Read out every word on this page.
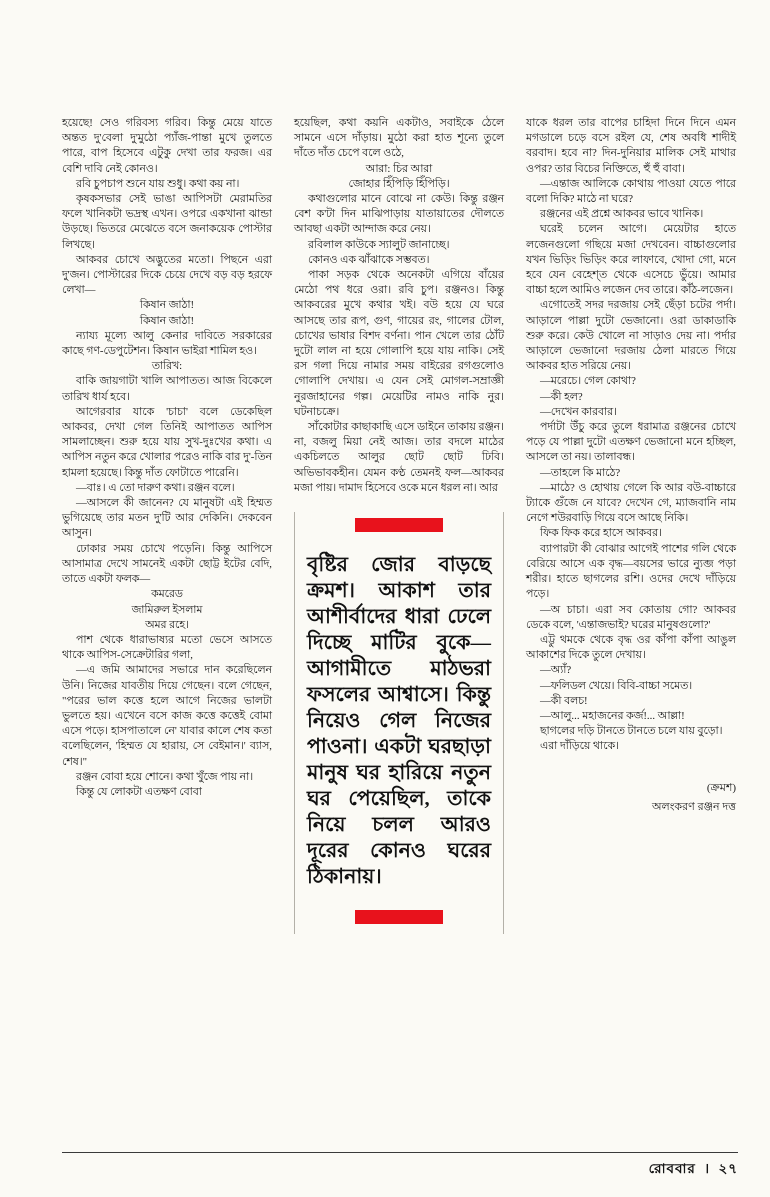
হয়েছে! সেও গরিবস্য গরিব। কিন্তু মেয়ে যাতে অন্তত দু'বেলা দু'মুঠো প্যাঁজ-পান্তা মুখে তুলতে পারে, বাপ হিসেবে এটুকু দেখা তার ফরজ। এর বেশি দাবি নেই কোনও।

রবি চুপচাপ শুনে যায় শুধু। কথা কয় না।

কৃষকসভার সেই ভাঙা আপিসটা মেরামতির ফলে খানিকটা ভদ্রস্থ এখন। ওপরে একখানা ঝান্ডা উড়ছে। ভিতরে মেঝেতে বসে জনাকয়েক পোস্টার লিখছে।

আকবর চোখে অদ্ভুতের মতো। পিছনে এরা দু'জন। পোস্টারের দিকে চেয়ে দেখে বড় বড় হরফে লেখা—

কিষান জাঠা!

কিষান জাঠা!

ন্যায্য মূল্যে আলু কেনার দাবিতে সরকারের কাছে গণ-ডেপুটেশন। কিষান ভাইরা শামিল হও।

তারিখ:

বাকি জায়গাটা খালি আপাতত। আজ বিকেলে তারিখ ধার্য হবে।

আগেরবার যাকে 'চাচা' বলে ডেকেছিল আকবর, দেখা গেল তিনিই আপাতত আপিস সামলাচ্ছেন। শুরু হয়ে যায় সুখ-দুঃখের কথা। এ আপিস নতুন করে খোলার পরেও নাকি বার দু'-তিন হামলা হয়েছে। কিন্তু দাঁত ফোটাতে পারেনি।

—বাঃ। এ তো দারুণ কথা। রঞ্জন বলে।

—আসলে কী জানেন? যে মানুষটা এই হিম্মত ভুগিয়েছে তার মতন দু'টি আর দেকিনি। দেকবেন আসুন।

ঢোকার সময় চোখে পড়েনি। কিন্তু আপিসে আসামাত্র দেখে সামনেই একটা ছোট্ট ইটের বেদি, তাতে একটা ফলক—

কমরেড

জামিরুল ইসলাম

অমর রহে।

পাশ থেকে ধারাভাষ্যর মতো ভেসে আসতে থাকে আপিস-সেক্রেটারির গলা,

—এ জমি আমাদের সভারে দান করেছিলেন উনি। নিজের যাবতীয় দিয়ে গেছেন। বলে গেছেন, "পরের ভাল কত্তে হলে আগে নিজের ভালটা ভুলতে হয়। এখেনে বসে কাজ কত্তে কত্তেই বোমা এসে পড়ে। হাসপাতালে নে' যাবার কালে শেষ কতা বলেছিলেন, 'হিম্মত যে হারায়, সে বেইমান।' ব্যাস, শেষ।"

রঞ্জন বোবা হয়ে শোনে। কথা খুঁজে পায় না।

কিন্তু যে লোকটা এতক্ষণ বোবা

হয়েছিল, কথা কয়নি একটাও, সবাইকে ঠেলে সামনে এসে দাঁড়ায়। মুঠো করা হাত শূন্যে তুলে দাঁতে দাঁত চেপে বলে ওঠে,

আরা: চির আরা

জোহার হিঁপিড়ি হিঁপিড়ি।

কথাগুলোর মানে বোঝে না কেউ। কিন্তু রঞ্জন বেশ ক'টা দিন মাঝিপাড়ায় যাতায়াতের দৌলতে আবছা একটা আন্দাজ করে নেয়।

রবিলাল কাউকে স্যালুট জানাচ্ছে।

কোনও এক ঝাঁঝাকে সম্ভবত।

পাকা সড়ক থেকে অনেকটা এগিয়ে বাঁয়ের মেঠো পথ ধরে ওরা। রবি চুপ। রঞ্জনও। কিন্তু আকবরের মুখে কথার খই। বউ হয়ে যে ঘরে আসছে তার রূপ, গুণ, গায়ের রং, গালের টোল, চোখের ভাষার বিশদ বর্ণনা। পান খেলে তার ঠোঁট দুটো লাল না হয়ে গোলাপি হয়ে যায় নাকি। সেই রস গলা দিয়ে নামার সময় বাইরের রগগুলোও গোলাপি দেখায়। এ যেন সেই মোগল-সম্রাজ্ঞী নুরজাহানের গল্প। মেয়েটির নামও নাকি নুর। ঘটনাচক্রে।

সাঁকোটার কাছাকাছি এসে ডাইনে তাকায় রঞ্জন। না, বজলু মিয়া নেই আজ। তার বদলে মাঠের একচিলতে আলুর ছোট ছোট ঢিবি। অভিভাবকহীন। যেমন কণ্ঠ তেমনই ফল—আকবর মজা পায়। দামাদ হিসেবে ওকে মনে ধরল না। আর

বৃষ্টির জোর বাড়ছে ক্রমশ। আকাশ তার আশীর্বাদের ধারা ঢেলে দিচ্ছে মাটির বুকে— আগামীতে মাঠভরা ফসলের আশ্বাসে। কিন্তু নিয়েও গেল নিজের পাওনা। একটা ঘরছাড়া মানুষ ঘর হারিয়ে নতুন ঘর পেয়েছিল, তাকে নিয়ে চলল আরও দূরের কোনও ঘরের ঠিকানায়।

যাকে ধরল তার বাপের চাহিদা দিনে দিনে এমন মগডালে চড়ে বসে রইল যে, শেষ অবধি শাদীই বরবাদ। হবে না? দিন-দুনিয়ার মালিক সেই মাথার ওপর? তার বিচের নিক্তিতে, হুঁ হুঁ বাবা।

—এন্তাজ আলিকে কোথায় পাওয়া যেতে পারে বলো দিকি? মাঠে না ঘরে?

রঞ্জনের এই প্রশ্নে আকবর ভাবে খানিক।

ঘরেই চলেন আগে। মেয়েটার হাতে লজেনগুলো গছিয়ে মজা দেখবেন। বাচ্চাগুলোর যখন ভিড়িং ভিড়িং করে লাফাবে, খোদা গো, মনে হবে যেন বেহেশ্‌ত থেকে এসেচে ভুঁয়ে। আমার বাচ্চা হলে আমিও লজেন দেব তারে। কাঁঠ-লজেন।

এগোতেই সদর দরজায় সেই ছেঁড়া চটের পর্দা। আড়ালে পাল্লা দুটো ভেজানো। ওরা ডাকাডাকি শুরু করে। কেউ খোলে না সাড়াও দেয় না। পর্দার আড়ালে ভেজানো দরজায় ঠেলা মারতে গিয়ে আকবর হাত সরিয়ে নেয়।

—মরেচে। গেল কোথা?

—কী হল?

—দেখেন কারবার।

পর্দাটা উঁচু করে তুলে ধরামাত্র রঞ্জনের চোখে পড়ে যে পাল্লা দুটো এতক্ষণ ভেজানো মনে হচ্ছিল, আসলে তা নয়। তালাবন্ধ।

—তাহলে কি মাঠে?

—মাঠে? ও হোথায় গেলে কি আর বউ-বাচ্চারে ট্যাকে গুঁজে নে যাবে? দেখেন গে, ম্যাজবানি নাম নেগে শউরবাড়ি গিয়ে বসে আছে নিকি।

ফিক ফিক করে হাসে আকবর।

ব্যাপারটা কী বোঝার আগেই পাশের গলি থেকে বেরিয়ে আসে এক বৃদ্ধ—বয়সের ভারে ন্যুব্জ পড়া শরীর। হাতে ছাগলের রশি। ওদের দেখে দাঁড়িয়ে পড়ে।

—অ চাচা। এরা সব কোতায় গো? আকবর ডেকে বলে, 'এন্তাজভাই? ঘরের মানুষগুলো?'

এট্টু থমকে থেকে বৃদ্ধ ওর কাঁপা কাঁপা আঙুল আকাশের দিকে তুলে দেখায়।

—অ্যাঁ?

—ফলিডল খেয়ে। বিবি-বাচ্চা সমেত।

—কী বলচ!

—আলু... মহাজনের কর্জ!... আল্লা!

ছাগলের দড়ি টানতে টানতে চলে যায় বুড়ো।

এরা দাঁড়িয়ে থাকে।

(ক্রমশ)
অলংকরণ রঞ্জন দত্ত
রোববার । ২৭
